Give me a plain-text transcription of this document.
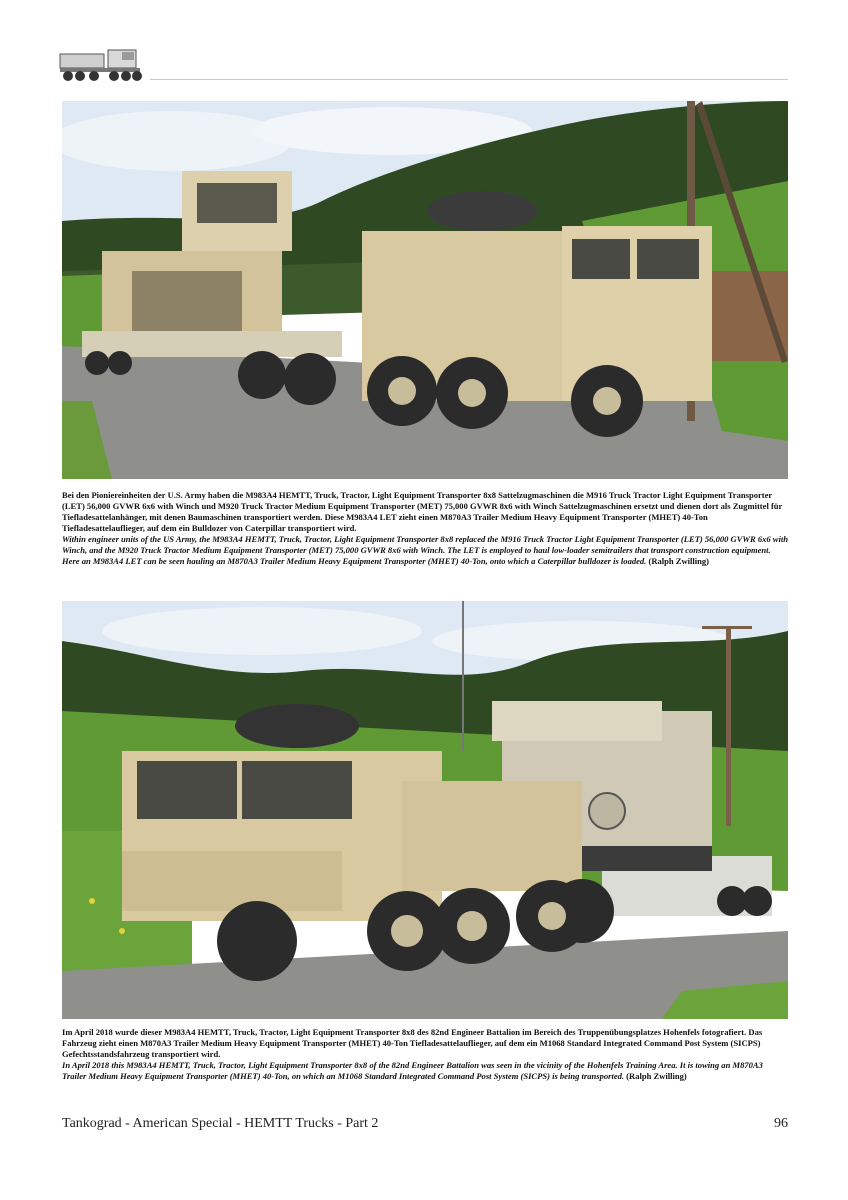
Bei den Pioniereinheiten der U.S. Army haben die M983A4 HEMTT, Truck, Tractor, Light Equipment Transporter 8x8 Sattelzugmaschinen die M916 Truck Tractor Light Equipment Transporter (LET) 56,000 GVWR 6x6 with Winch und M920 Truck Tractor Medium Equipment Transporter (MET) 75,000 GVWR 8x6 with Winch Sattelzugmaschinen ersetzt und dienen dort als Zugmittel für Tiefladesattelanhänger, mit denen Baumaschinen transportiert werden. Diese M983A4 LET zieht einen M870A3 Trailer Medium Heavy Equipment Transporter (MHET) 40-Ton Tiefladesattelauflieger, auf dem ein Bulldozer von Caterpillar transportiert wird.

Within engineer units of the US Army, the M983A4 HEMTT, Truck, Tractor, Light Equipment Transporter 8x8 replaced the M916 Truck Tractor Light Equipment Transporter (LET) 56,000 GVWR 6x6 with Winch, and the M920 Truck Tractor Medium Equipment Transporter (MET) 75,000 GVWR 8x6 with Winch. The LET is employed to haul low-loader semitrailers that transport construction equipment. Here an M983A4 LET can be seen hauling an M870A3 Trailer Medium Heavy Equipment Transporter (MHET) 40-Ton, onto which a Caterpillar bulldozer is loaded. (Ralph Zwilling)

Im April 2018 wurde dieser M983A4 HEMTT, Truck, Tractor, Light Equipment Transporter 8x8 des 82nd Engineer Battalion im Bereich des Truppenübungsplatzes Hohenfels fotografiert. Das Fahrzeug zieht einen M870A3 Trailer Medium Heavy Equipment Transporter (MHET) 40-Ton Tiefladesattelauflieger, auf dem ein M1068 Standard Integrated Command Post System (SICPS) Gefechtsstandsfahrzeug transportiert wird.

In April 2018 this M983A4 HEMTT, Truck, Tractor, Light Equipment Transporter 8x8 of the 82nd Engineer Battalion was seen in the vicinity of the Hohenfels Training Area. It is towing an M870A3 Trailer Medium Heavy Equipment Transporter (MHET) 40-Ton, on which an M1068 Standard Integrated Command Post System (SICPS) is being transported. (Ralph Zwilling)

Tankograd - American Special - HEMTT Trucks - Part 2	96
